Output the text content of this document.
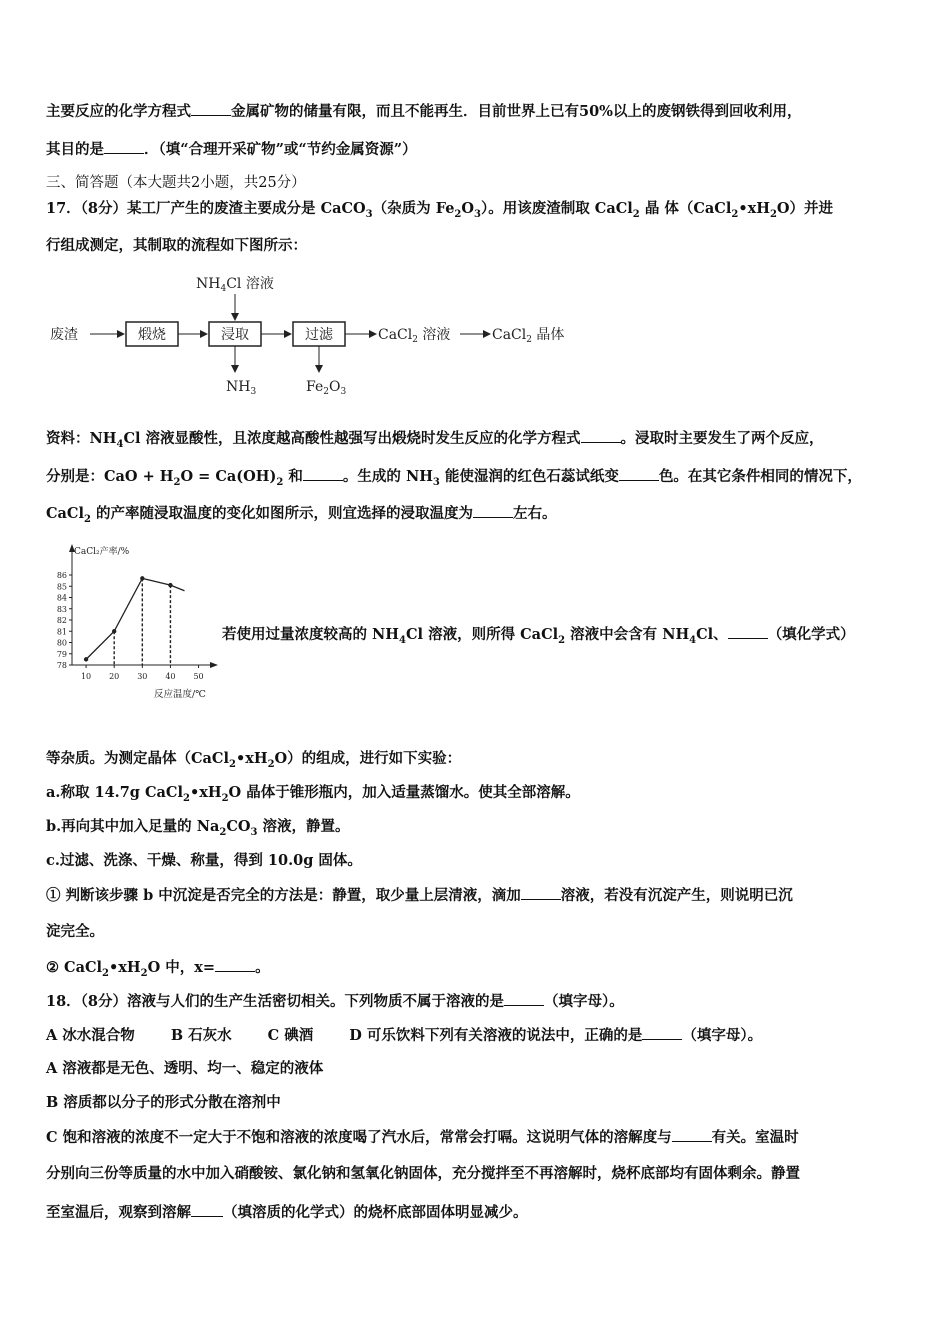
主要反应的化学方程式	金属矿物的储量有限，而且不能再生．目前世界上已有50%以上的废钢铁得到回收利用，
其目的是	．（填“合理开采矿物”或“节约金属资源”）
三、简答题（本大题共2小题，共25分）
17．（8分）某工厂产生的废渣主要成分是 CaCO$_3$（杂质为 $Fe_2O_3$）。用该废渣制取 CaCl$_2$ 晶 体$(CaCl_2•xH_2O)$并进
行组成测定，其制取的流程如下图所示：
废渣	煅烧	浸取	过滤	CaCl$_2$ 溶液	CaCl$_2$ 晶体
$NH_4Cl$ 溶液
$NH_3$	$Fe_2O_3$
资料：$NH_4Cl$ 溶液显酸性，且浓度越高酸性越强写出煅烧时发生反应的化学方程式	。浸取时主要发生了两个反应，
分别是：CaO + $H_2O = Ca(OH)_2$ 和	。生成的 $NH_3$ 能使湿润的红色石蕊试纸变	色。在其它条件相同的情况下，
CaCl$_2$ 的产率随浸取温度的变化如图所示，则宜选择的浸取温度为	左右。
CaCl₂产率/%
反应温度/℃
78
79
80
81
82
83
84
85
86
10 20 30 40 50
若使用过量浓度较高的 $NH_4Cl$ 溶液，则所得 CaCl$_2$ 溶液中会含有 $NH_4Cl$、	（填化学式）
等杂质。为测定晶体$(CaCl_2•xH_2O)$的组成，进行如下实验：
a.称取 14.7g $CaCl_2•xH_2O$ 晶体于锥形瓶内，加入适量蒸馏水。使其全部溶解。
b.再向其中加入足量的 $Na_2CO_3$ 溶液，静置。
c.过滤、洗涤、干燥、称量，得到 10.0g 固体。
① 判断该步骤 b 中沉淀是否完全的方法是：静置，取少量上层清液，滴加	溶液，若没有沉淀产生，则说明已沉
淀完全。
② $CaCl_2•xH_2O$ 中，x=	。
18．（8分）溶液与人们的生产生活密切相关。下列物质不属于溶液的是	（填字母）。
A 冰水混合物 B 石灰水 C 碘酒 D 可乐饮料下列有关溶液的说法中，正确的是	（填字母）。
A 溶液都是无色、透明、均一、稳定的液体
B 溶质都以分子的形式分散在溶剂中
C 饱和溶液的浓度不一定大于不饱和溶液的浓度喝了汽水后，常常会打嗝。这说明气体的溶解度与	有关。室温时
分别向三份等质量的水中加入硝酸铵、氯化钠和氢氧化钠固体，充分搅拌至不再溶解时，烧杯底部均有固体剩余。静置
至室温后，观察到溶解 （填溶质的化学式）的烧杯底部固体明显减少。
